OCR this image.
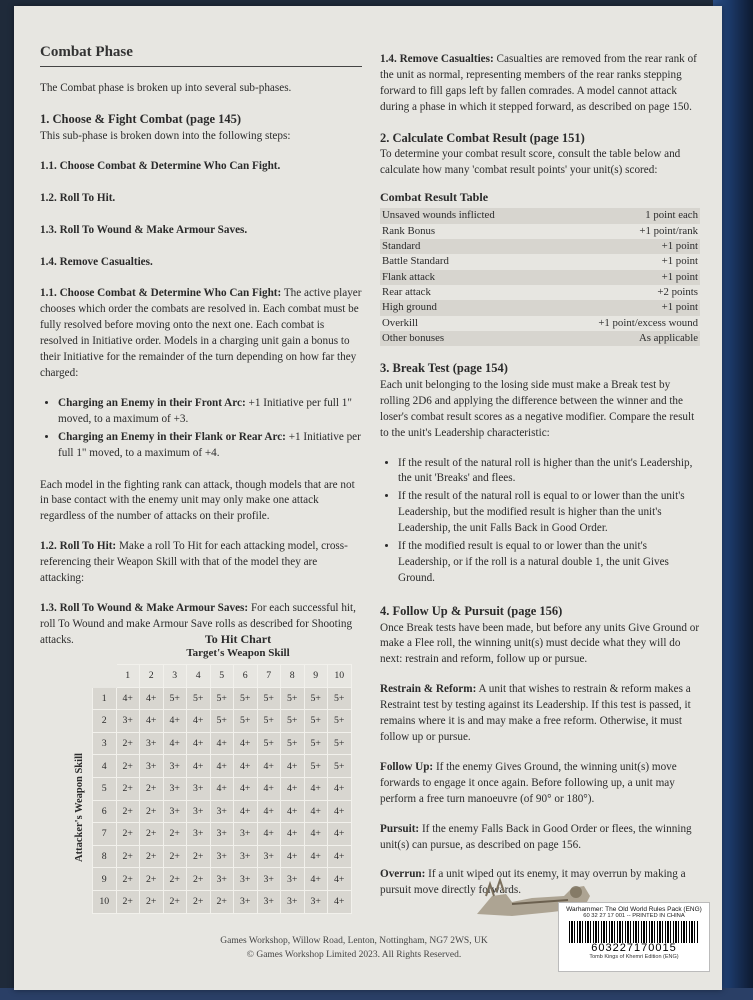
Combat Phase

The Combat phase is broken up into several sub-phases.

1. Choose & Fight Combat (page 145)

This sub-phase is broken down into the following steps:

1.1. Choose Combat & Determine Who Can Fight.
1.2. Roll To Hit.
1.3. Roll To Wound & Make Armour Saves.
1.4. Remove Casualties.

1.1. Choose Combat & Determine Who Can Fight: The active player chooses which order the combats are resolved in. Each combat must be fully resolved before moving onto the next one. Each combat is resolved in Initiative order. Models in a charging unit gain a bonus to their Initiative for the remainder of the turn depending on how far they charged:

• Charging an Enemy in their Front Arc: +1 Initiative per full 1" moved, to a maximum of +3.
• Charging an Enemy in their Flank or Rear Arc: +1 Initiative per full 1" moved, to a maximum of +4.

Each model in the fighting rank can attack, though models that are not in base contact with the enemy unit may only make one attack regardless of the number of attacks on their profile.

1.2. Roll To Hit: Make a roll To Hit for each attacking model, cross-referencing their Weapon Skill with that of the model they are attacking:

1.3. Roll To Wound & Make Armour Saves: For each successful hit, roll To Wound and make Armour Save rolls as described for Shooting attacks.	To Hit Chart
Target's Weapon Skill
Attacker's Weapon Skill
	1	2	3	4	5	6	7	8	9	10
1	4+	4+	5+	5+	5+	5+	5+	5+	5+	5+
2	3+	4+	4+	4+	5+	5+	5+	5+	5+	5+
3	2+	3+	4+	4+	4+	4+	5+	5+	5+	5+
4	2+	3+	3+	4+	4+	4+	4+	4+	5+	5+
5	2+	2+	3+	3+	4+	4+	4+	4+	4+	4+
6	2+	2+	3+	3+	3+	4+	4+	4+	4+	4+
7	2+	2+	2+	3+	3+	3+	4+	4+	4+	4+
8	2+	2+	2+	2+	3+	3+	3+	4+	4+	4+
9	2+	2+	2+	2+	3+	3+	3+	3+	4+	4+
10	2+	2+	2+	2+	2+	3+	3+	3+	3+	4+

1.4. Remove Casualties: Casualties are removed from the rear rank of the unit as normal, representing members of the rear ranks stepping forward to fill gaps left by fallen comrades. A model cannot attack during a phase in which it stepped forward, as described on page 150.

2. Calculate Combat Result (page 151)

To determine your combat result score, consult the table below and calculate how many 'combat result points' your unit(s) scored:

Combat Result Table
Unsaved wounds inflicted	1 point each
Rank Bonus	+1 point/rank
Standard	+1 point
Battle Standard	+1 point
Flank attack	+1 point
Rear attack	+2 points
High ground	+1 point
Overkill	+1 point/excess wound
Other bonuses	As applicable
3. Break Test (page 154)

Each unit belonging to the losing side must make a Break test by rolling 2D6 and applying the difference between the winner and the loser's combat result scores as a negative modifier. Compare the result to the unit's Leadership characteristic:

• If the result of the natural roll is higher than the unit's Leadership, the unit 'Breaks' and flees.
• If the result of the natural roll is equal to or lower than the unit's Leadership, but the modified result is higher than the unit's Leadership, the unit Falls Back in Good Order.
• If the modified result is equal to or lower than the unit's Leadership, or if the roll is a natural double 1, the unit Gives Ground.
4. Follow Up & Pursuit (page 156)

Once Break tests have been made, but before any units Give Ground or make a Flee roll, the winning unit(s) must decide what they will do next: restrain and reform, follow up or pursue.

Restrain & Reform: A unit that wishes to restrain & reform makes a Restraint test by testing against its Leadership. If this test is passed, it remains where it is and may make a free reform. Otherwise, it must follow up or pursue.

Follow Up: If the enemy Gives Ground, the winning unit(s) move forwards to engage it once again. Before following up, a unit may perform a free turn manoeuvre (of 90° or 180°).

Pursuit: If the enemy Falls Back in Good Order or flees, the winning unit(s) can pursue, as described on page 156.

Overrun: If a unit wiped out its enemy, it may overrun by making a pursuit move directly forwards.

Games Workshop, Willow Road, Lenton, Nottingham, NG7 2WS, UK
© Games Workshop Limited 2023. All Rights Reserved.
Warhammer: The Old World Rules Pack (ENG)
60 32 27 17 001 -- PRINTED IN CHINA
603227170015
Tomb Kings of Khemri Edition (ENG)
